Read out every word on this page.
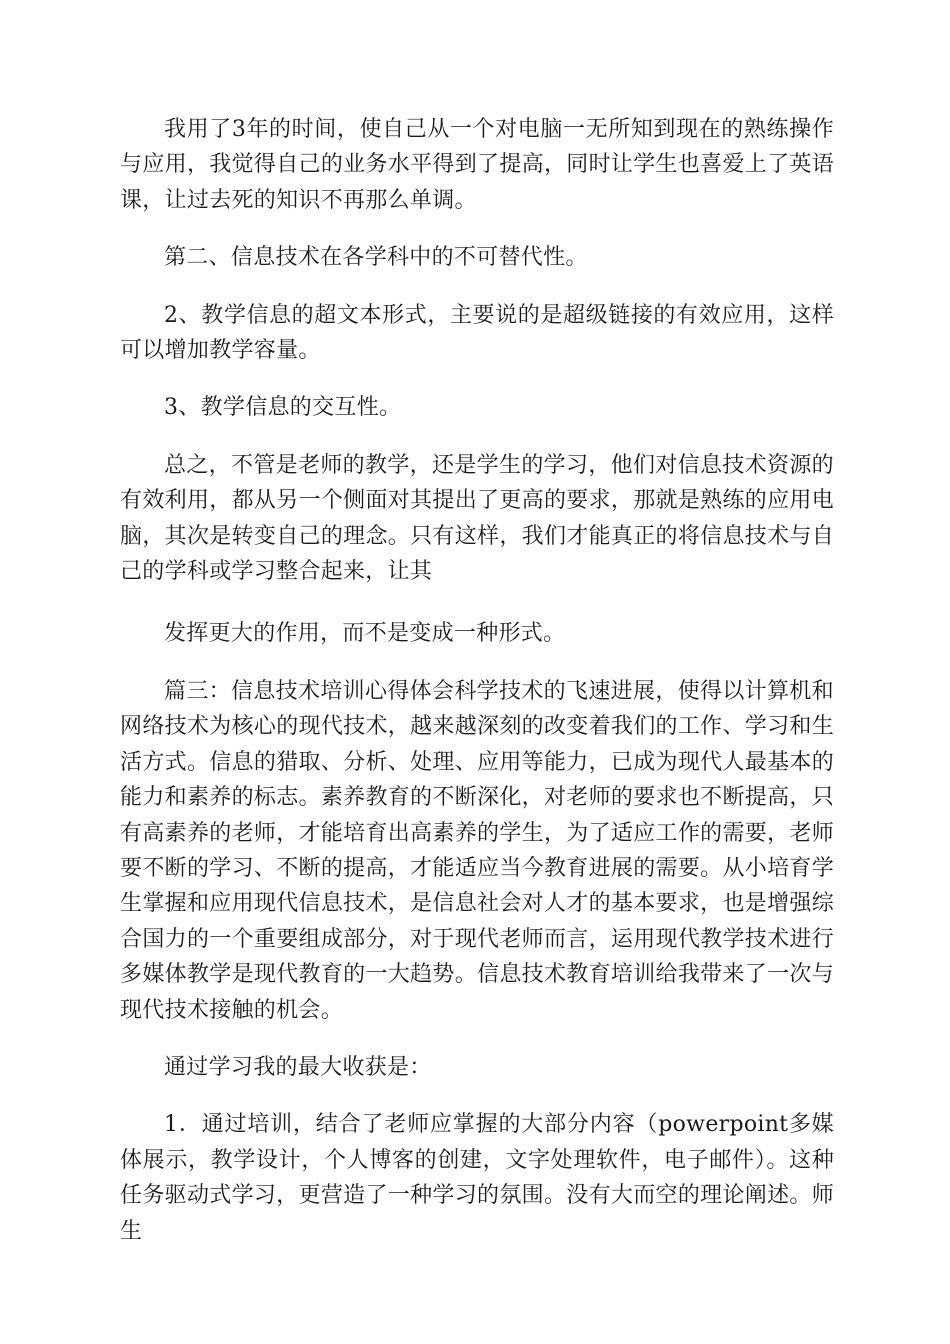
我用了3年的时间，使自己从一个对电脑一无所知到现在的熟练操作与应用，我觉得自己的业务水平得到了提高，同时让学生也喜爱上了英语课，让过去死的知识不再那么单调。

第二、信息技术在各学科中的不可替代性。

2、教学信息的超文本形式，主要说的是超级链接的有效应用，这样可以增加教学容量。

3、教学信息的交互性。

总之，不管是老师的教学，还是学生的学习，他们对信息技术资源的有效利用，都从另一个侧面对其提出了更高的要求，那就是熟练的应用电脑，其次是转变自己的理念。只有这样，我们才能真正的将信息技术与自己的学科或学习整合起来，让其

发挥更大的作用，而不是变成一种形式。

篇三：信息技术培训心得体会科学技术的飞速进展，使得以计算机和网络技术为核心的现代技术，越来越深刻的改变着我们的工作、学习和生活方式。信息的猎取、分析、处理、应用等能力，已成为现代人最基本的能力和素养的标志。素养教育的不断深化，对老师的要求也不断提高，只有高素养的老师，才能培育出高素养的学生，为了适应工作的需要，老师要不断的学习、不断的提高，才能适应当今教育进展的需要。从小培育学生掌握和应用现代信息技术，是信息社会对人才的基本要求，也是增强综合国力的一个重要组成部分，对于现代老师而言，运用现代教学技术进行多媒体教学是现代教育的一大趋势。信息技术教育培训给我带来了一次与现代技术接触的机会。

通过学习我的最大收获是：

1．通过培训，结合了老师应掌握的大部分内容（powerpoint多媒体展示，教学设计，个人博客的创建，文字处理软件，电子邮件）。这种任务驱动式学习，更营造了一种学习的氛围。没有大而空的理论阐述。师生
